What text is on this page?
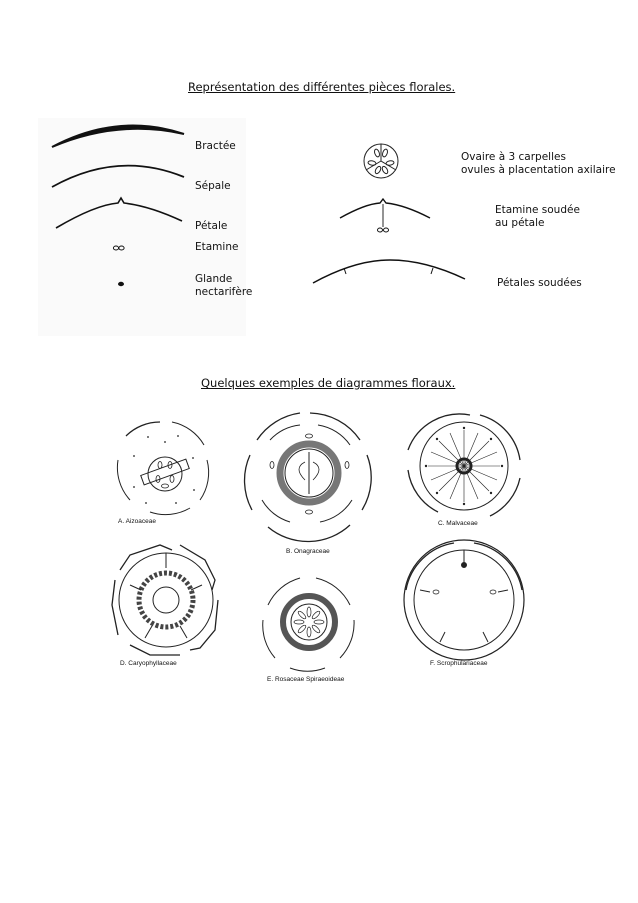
Représentation des différentes pièces florales.
Bractée
Sépale
Pétale
Etamine
Glande
nectarifère
Ovaire à 3 carpelles
ovules à placentation axilaire
Etamine soudée
au pétale
Pétales soudées
Quelques exemples de diagrammes floraux.
A. Aizoaceae
B. Onagraceae
C. Malvaceae
D. Caryophyllaceae
E. Rosaceae Spiraeoideae
F. Scrophulariaceae
